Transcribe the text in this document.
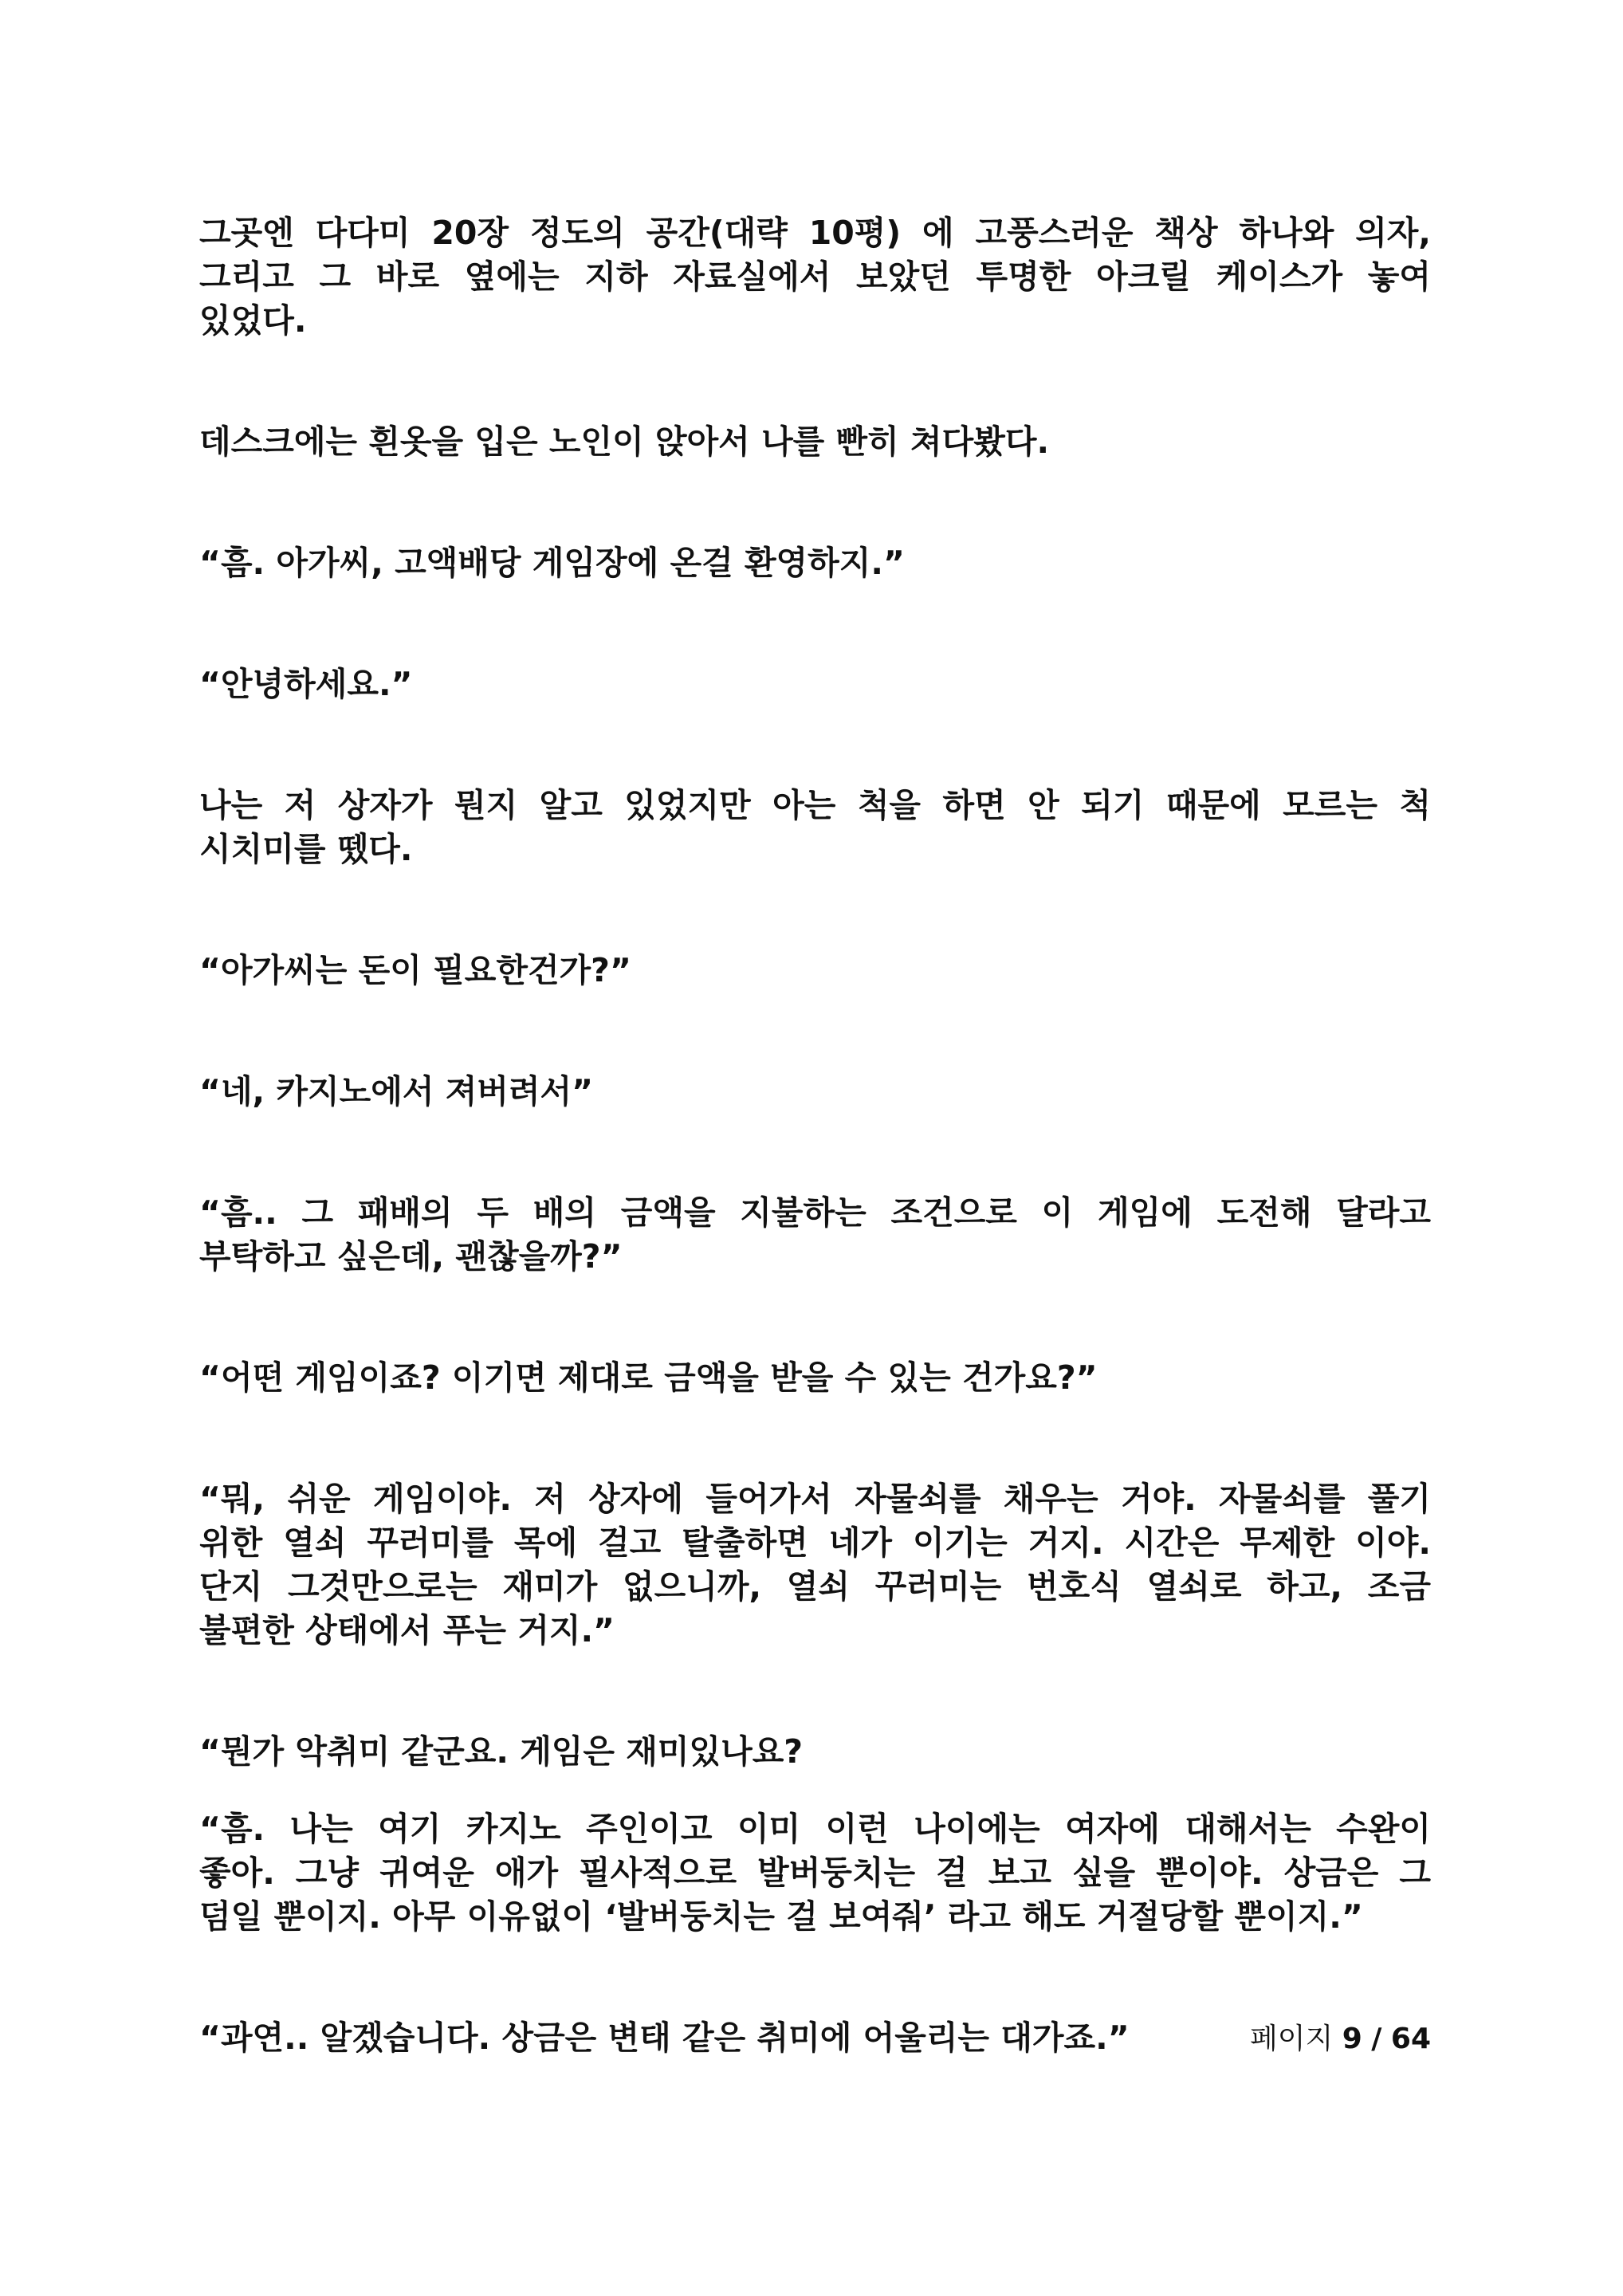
그곳엔 다다미 20장 정도의 공간(대략 10평) 에 고풍스러운 책상 하나와 의자,
그리고 그 바로 옆에는 지하 자료실에서 보았던 투명한 아크릴 케이스가 놓여
있었다.

데스크에는 흰옷을 입은 노인이 앉아서 나를 빤히 쳐다봤다.

“흠. 아가씨, 고액배당 게임장에 온걸 환영하지.”

“안녕하세요.”

나는 저 상자가 뭔지 알고 있었지만 아는 척을 하면 안 되기 때문에 모르는 척
시치미를 뗐다.

“아가씨는 돈이 필요한건가?”

“네, 카지노에서 져버려서”

“흠.. 그 패배의 두 배의 금액을 지불하는 조건으로 이 게임에 도전해 달라고
부탁하고 싶은데, 괜찮을까?”

“어떤 게임이죠? 이기면 제대로 금액을 받을 수 있는 건가요?”

“뭐, 쉬운 게임이야. 저 상자에 들어가서 자물쇠를 채우는 거야. 자물쇠를 풀기
위한 열쇠 꾸러미를 목에 걸고 탈출하면 네가 이기는 거지. 시간은 무제한 이야.
단지 그것만으로는 재미가 없으니까, 열쇠 꾸러미는 번호식 열쇠로 하고, 조금
불편한 상태에서 푸는 거지.”

“뭔가 악취미 같군요. 게임은 재미있나요?

“흠. 나는 여기 카지노 주인이고 이미 이런 나이에는 여자에 대해서는 수완이
좋아. 그냥 귀여운 애가 필사적으로 발버둥치는 걸 보고 싶을 뿐이야. 상금은 그
덤일 뿐이지. 아무 이유없이 ‘발버둥치는 걸 보여줘’ 라고 해도 거절당할 뿐이지.”

“과연.. 알겠습니다. 상금은 변태 같은 취미에 어울리는 대가죠.”	페이지 9 / 64
